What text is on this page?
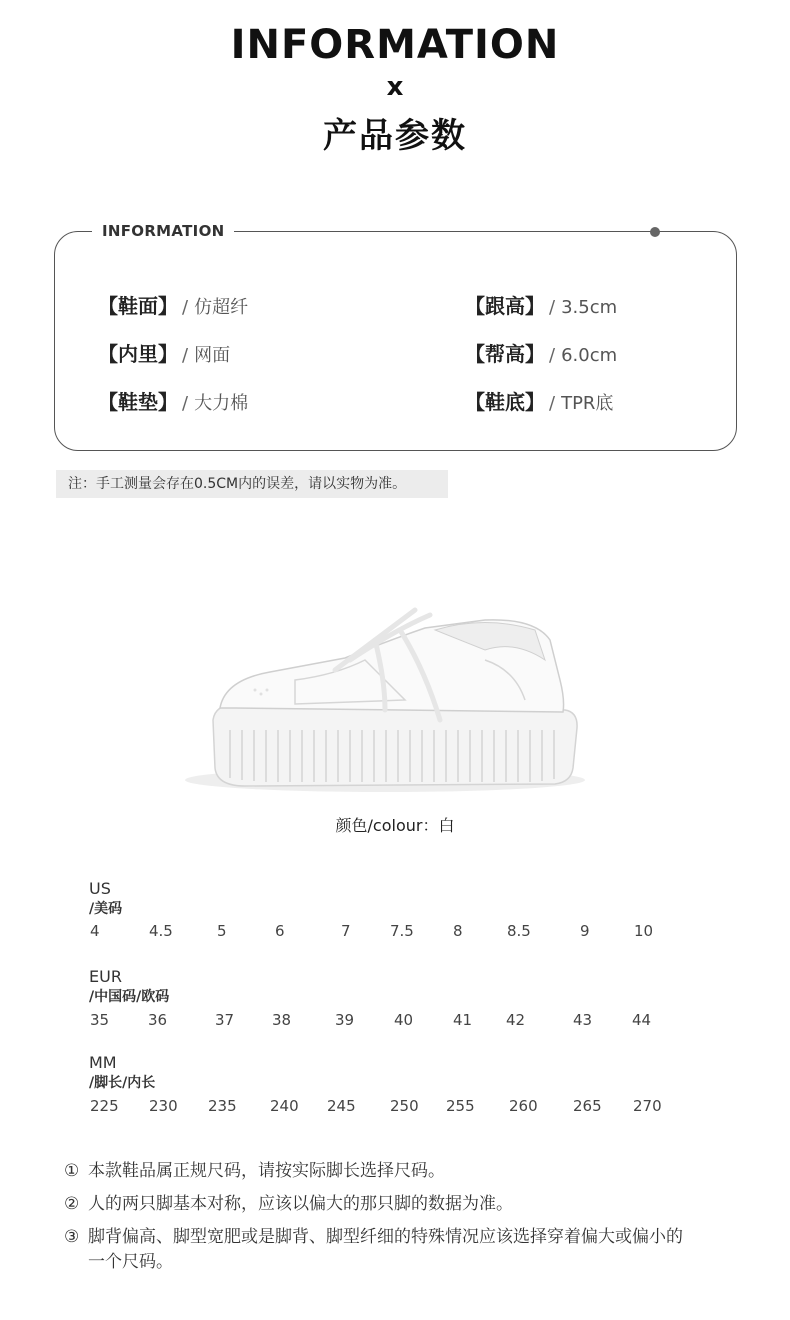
INFORMATION
x
产品参数
INFORMATION
【鞋面】 / 仿超纤
【内里】 / 网面
【鞋垫】 / 大力棉
【跟高】 / 3.5cm
【帮高】 / 6.0cm
【鞋底】 / TPR底
注：手工测量会存在0.5CM内的误差，请以实物为准。
颜色/colour：白
US
/美码
4	4.5	5	6	7	7.5	8	8.5	9	10
EUR
/中国码/欧码
35	36	37	38	39	40	41 42	43	44
MM
/脚长/内长
225 230 235 240 245 250 255 260 265 270
① 本款鞋品属正规尺码，请按实际脚长选择尺码。
② 人的两只脚基本对称，应该以偏大的那只脚的数据为准。
③ 脚背偏高、脚型宽肥或是脚背、脚型纤细的特殊情况应该选择穿着偏大或偏小的
一个尺码。
